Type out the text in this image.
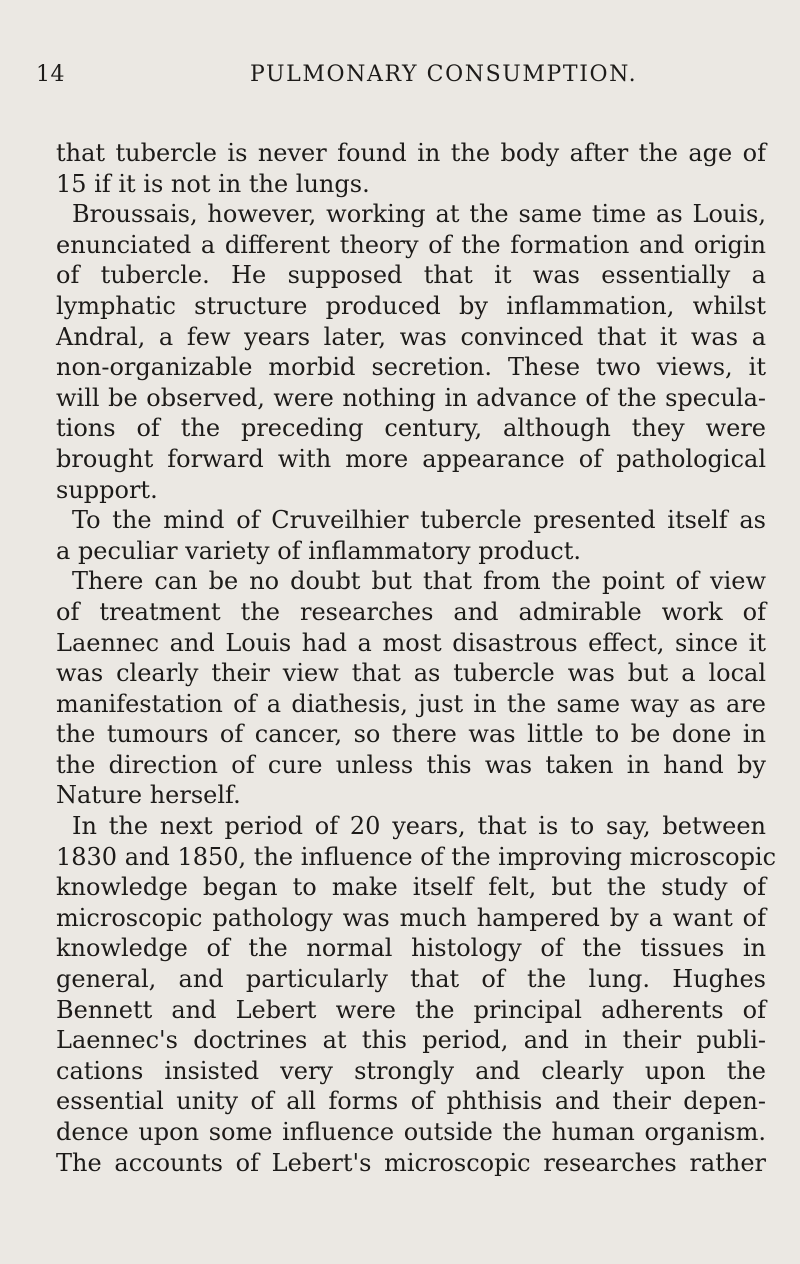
14	PULMONARY CONSUMPTION.
that tubercle is never found in the body after the age of
15 if it is not in the lungs.
Broussais, however, working at the same time as Louis,
enunciated a different theory of the formation and origin
of tubercle. He supposed that it was essentially a
lymphatic structure produced by inflammation, whilst
Andral, a few years later, was convinced that it was a
non-organizable morbid secretion. These two views, it
will be observed, were nothing in advance of the specula-
tions of the preceding century, although they were
brought forward with more appearance of pathological
support.
To the mind of Cruveilhier tubercle presented itself as
a peculiar variety of inflammatory product.
There can be no doubt but that from the point of view
of treatment the researches and admirable work of
Laennec and Louis had a most disastrous effect, since it
was clearly their view that as tubercle was but a local
manifestation of a diathesis, just in the same way as are
the tumours of cancer, so there was little to be done in
the direction of cure unless this was taken in hand by
Nature herself.
In the next period of 20 years, that is to say, between
1830 and 1850, the influence of the improving microscopic
knowledge began to make itself felt, but the study of
microscopic pathology was much hampered by a want of
knowledge of the normal histology of the tissues in
general, and particularly that of the lung. Hughes
Bennett and Lebert were the principal adherents of
Laennec's doctrines at this period, and in their publi-
cations insisted very strongly and clearly upon the
essential unity of all forms of phthisis and their depen-
dence upon some influence outside the human organism.
The accounts of Lebert's microscopic researches rather
